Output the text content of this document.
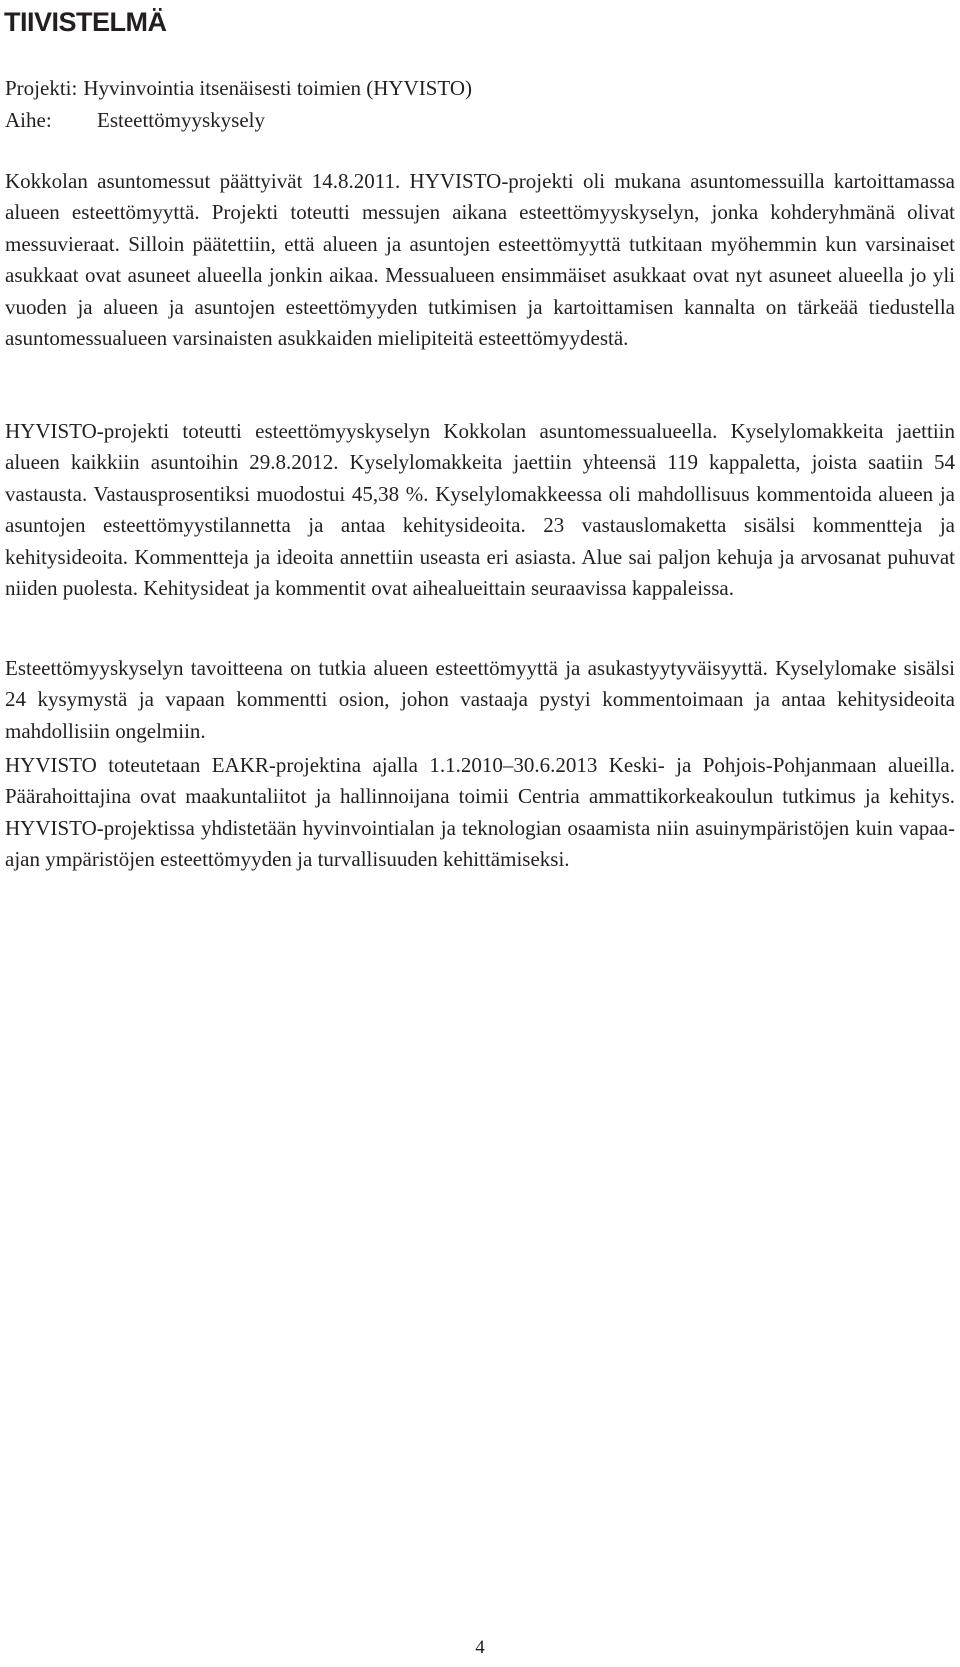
TIIVISTELMÄ
Projekti: Hyvinvointia itsenäisesti toimien (HYVISTO)
Aihe:	Esteettömyyskysely

Kokkolan asuntomessut päättyivät 14.8.2011. HYVISTO-projekti oli mukana asuntomessuilla kartoittamassa alueen esteettömyyttä. Projekti toteutti messujen aikana esteettömyyskyselyn, jonka kohderyhmänä olivat messuvieraat. Silloin päätettiin, että alueen ja asuntojen esteettömyyttä tutkitaan myöhemmin kun varsinaiset asukkaat ovat asuneet alueella jonkin aikaa. Messualueen ensimmäiset asukkaat ovat nyt asuneet alueella jo yli vuoden ja alueen ja asuntojen esteettömyyden tutkimisen ja kartoittamisen kannalta on tärkeää tiedustella asuntomessualueen varsinaisten asukkaiden mielipiteitä esteettömyydestä.

HYVISTO-projekti toteutti esteettömyyskyselyn Kokkolan asuntomessualueella. Kyselylomakkeita jaettiin alueen kaikkiin asuntoihin 29.8.2012. Kyselylomakkeita jaettiin yhteensä 119 kappaletta, joista saatiin 54 vastausta. Vastausprosentiksi muodostui 45,38 %. Kyselylomakkeessa oli mahdollisuus kommentoida alueen ja asuntojen esteettömyystilannetta ja antaa kehitysideoita. 23 vastauslomaketta sisälsi kommentteja ja kehitysideoita. Kommentteja ja ideoita annettiin useasta eri asiasta. Alue sai paljon kehuja ja arvosanat puhuvat niiden puolesta. Kehitysideat ja kommentit ovat aihealueittain seuraavissa kappaleissa.

Esteettömyyskyselyn tavoitteena on tutkia alueen esteettömyyttä ja asukastyytyväisyyttä. Kyselylomake sisälsi 24 kysymystä ja vapaan kommentti osion, johon vastaaja pystyi kommentoimaan ja antaa kehitysideoita mahdollisiin ongelmiin.

HYVISTO toteutetaan EAKR-projektina ajalla 1.1.2010–30.6.2013 Keski- ja Pohjois-Pohjanmaan alueilla. Päärahoittajina ovat maakuntaliitot ja hallinnoijana toimii Centria ammattikorkeakoulun tutkimus ja kehitys. HYVISTO-projektissa yhdistetään hyvinvointialan ja teknologian osaamista niin asuinympäristöjen kuin vapaa-ajan ympäristöjen esteettömyyden ja turvallisuuden kehittämiseksi.

4
